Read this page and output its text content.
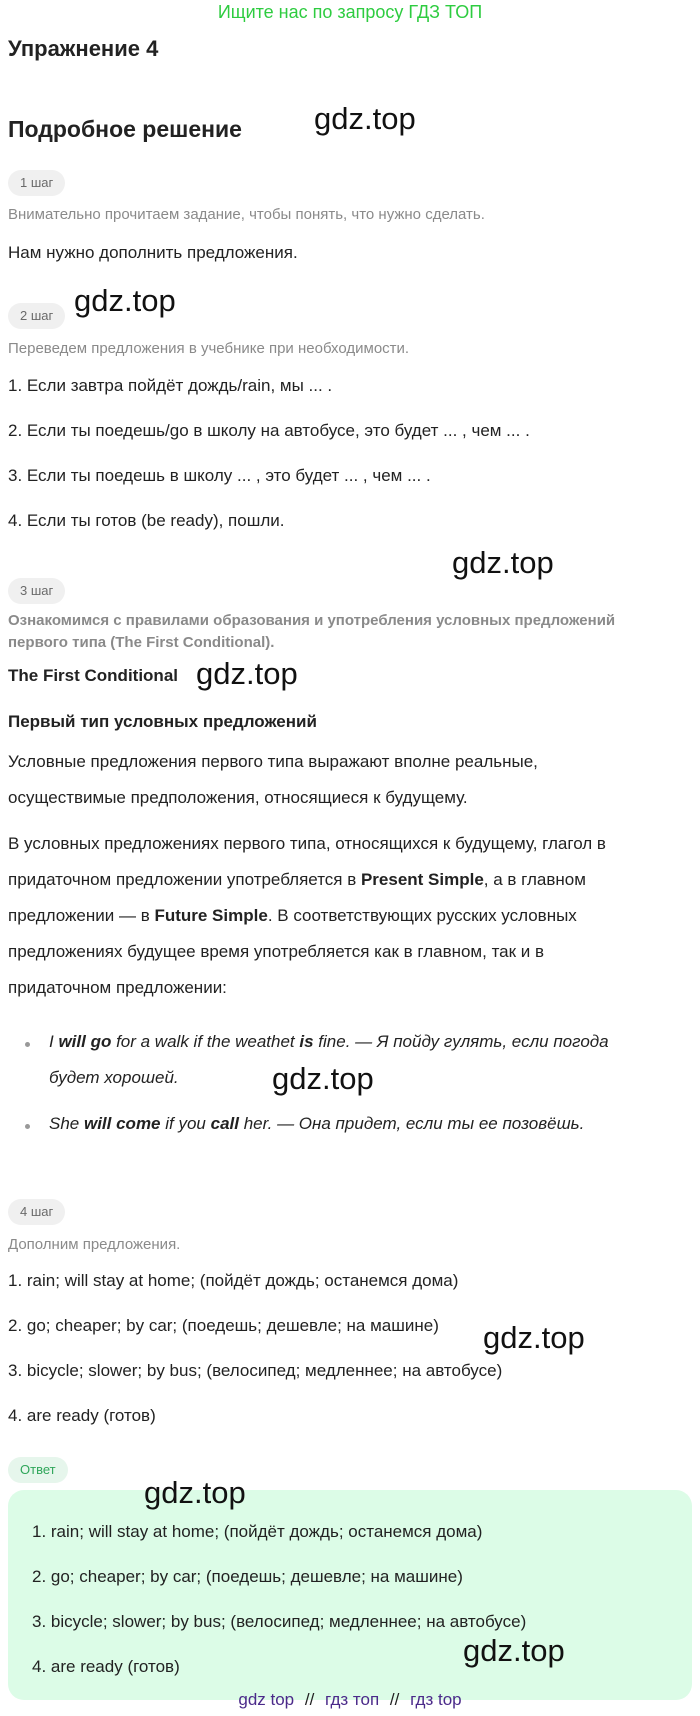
Ищите нас по запросу ГДЗ ТОП
Упражнение 4
Подробное решение gdz.top
gdz.top
gdz.top
gdz.top
gdz.top
gdz.top
1 шаг
Внимательно прочитаем задание, чтобы понять, что нужно сделать.
Нам нужно дополнить предложения.
2 шаг
Переведем предложения в учебнике при необходимости.
1. Если завтра пойдёт дождь/rain, мы ... .
2. Если ты поедешь/go в школу на автобусе, это будет ... , чем ... .
3. Если ты поедешь в школу ... , это будет ... , чем ... .
4. Если ты готов (be ready), пошли.
3 шаг
Ознакомимся с правилами образования и употребления условных предложений
первого типа (The First Conditional).
The First Conditional
Первый тип условных предложений
Условные предложения первого типа выражают вполне реальные,
осуществимые предположения, относящиеся к будущему.
В условных предложениях первого типа, относящихся к будущему, глагол в
придаточном предложении употребляется в Present Simple, а в главном
предложении — в Future Simple. В соответствующих русских условных
предложениях будущее время употребляется как в главном, так и в
придаточном предложении:
I will go for a walk if the weathet is fine. — Я пойду гулять, если погода
будет хорошей.
She will come if you call her. — Она придет, если ты ее позовёшь.
4 шаг
Дополним предложения.
1. rain; will stay at home; (пойдёт дождь; останемся дома)
2. go; cheaper; by car; (поедешь; дешевле; на машине)
3. bicycle; slower; by bus; (велосипед; медленнее; на автобусе)
4. are ready (готов)
Ответ
gdz.top
1. rain; will stay at home; (пойдёт дождь; останемся дома)
2. go; cheaper; by car; (поедешь; дешевле; на машине)
3. bicycle; slower; by bus; (велосипед; медленнее; на автобусе)
4. are ready (готов)	gdz.top
gdz top // гдз топ // гдз top
